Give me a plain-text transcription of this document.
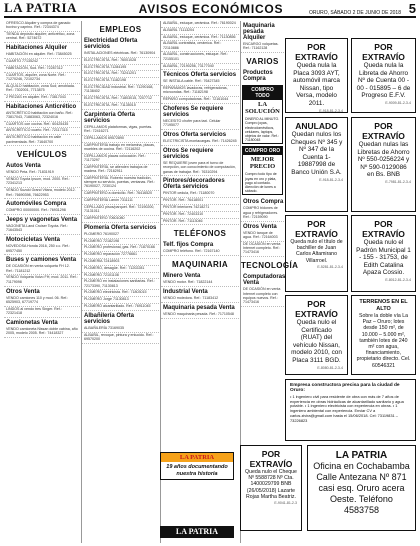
LA PATRIA	AVISOS ECONÓMICOS	ORURO, SÁBADO 2 DE JUNIO DE 2018 5
OFRESCO Alquiler y compra de ganado bovino y caprino. Ref.: 72344374
TIENDA depósito alquiler; anticrético, zona central. Ref.: 5274672
Habitaciones Alquiler
HABITACIÓN en alquiler. Ref.: 73845025
CUARTO 77135242
HABITACIÓN, Sud. Ref.: 72287312
CUARTOS, alquiler, zona Norte. Ref.: 71270246, 72102734
ALQUILO habitación, zona Sud; amoblada. Ref.: 7302001, 7713875
2 PIEZAS en alquiler. Ref.: 73817043
Habitaciones Anticrético
ANTICRÉTICO habitación con baño. Ref.: 73817043, 71883063, 72324016
CUARTOS con cocina. Ref.: 60425435
ANTICRÉTICO cuarto. Ref.: 72117315
ANTICRÉTICO habitación en calle pavimentada. Ref.: 71640700
VEHÍCULOS
Autos Venta
VENDO Peta. Ref.: 71831919
VENDO Toyota Ipsum, mod. 2000. Ref.: 72341213
VENDO Suzuki Grand Vitara, modelo 2012. Ref.: 76690398, 76622953
Automóviles Compra
COMPRO 00000000. Ref.: 76931298
Jeeps y vagonetas Venta
VAGONETA Land Cruiser Toyota. Ref.: 71643543
Motocicletas Venta
NOVEDOSA Honda 2016, 250 c.c. Ref.: 69577450
Buses y camiones Venta
DE OCASIÓN en venta volqueta FH 12. Ref.: 71181212
VENDO Volqueta Volvo FH; mod. 2011. Ref.: 71179098
Otros Venta
VENDO camiones 110 y mod. 06. Ref.: 6525903, 67719774
LINDOS al vendo tres Singer. Ref.: 72321418
Camionetas Venta
VENDO camioneta Nissan doble cabina, año 2005, modelo 2005. Ref.: 74418327
EMPLEOS
Electricidad Oferta servicios
INSTALACIONES eléctricas. Ref.: 76130904
ELECTRICISTA. Ref.: 76001028
ELECTRICISTA 71284195
ELECTRICISTA. Ref.: 73241201
ELECTRICISTA 71182198
ELECTRICIDAD industrial. Ref.: 71290168, 71138402
ELECTRICISTA. Ref.: 71803015, 7207712
ELECTRICISTA. Ref.: 71135015
Carpintería Oferta servicios
CEPILLAMOS plataformas, vigas, puertas. Ref.: 72416271
CEPILLAMOS 69572890
CARPINTERÍA trabajo en melamina, placas, muebles de cocina. Ref.: 72116202
CEPILLAMOS placas colocación. Ref.: 71173297
CARPINTERÍA, se atienden trabajos de madera. Ref.: 72162911
CARPINTERÍA. Roberto nuestra tradición, siempre su servicio, puertas, ventanas. Ref.: 76190027, 7230124
CARPINTERO a domicilio. Ref.: 76416520
CARPINTERÍA Lanón 7311111
CEPILLADO pisos/parquet. Ref.: 72190200, 71131011
CARPINTERO 70601080
Plomería Oferta servicios
PLOMERO 76190027
PLOMERO 72182198
PLOMERO profesional, gas. Ref.: 71870166
PLOMERO reparación 72776661
PLOMERÍA 72418903
PLOMERO, desagüe. Ref.: 71202281
PLOMERO 72101108
PLOMERO en instalaciones sanitarias. Ref.: 72173390, 71130813
PLOMERO electricista. Ref.: 71803015
PLOMERO Jorge 71130813
PLOMERO alcantarillado. Ref.: 76911045
Albañilería Oferta servicios
ALBAÑILERÍA 73169035
ALBAÑIL, revoque, pintura y enlucido. Ref.: 69570200
ALBAÑIL, estuque, cerámica. Ref.: 76190024
ALBAÑIL 71113204
ALBAÑIL, estuque, cerámica. Ref.: 71130856
ALBAÑIL contratista, cerámica. Ref.: 72110886
ALBAÑIL, construcciones, estuque. Ref.: 72155101
ALBAÑIL, 72190256, 73177040
Técnicos Oferta servicios
SE INSTALA cable. Ref.: 76427345
REPARAMOS lavadoras, refrigeradoras, microondas. Ref.: 71182198
REPARO computadoras. Ref.: 72161044
Choferes Se requiere servicios
NECESITO chofer para taxi. Celular 77195077
Otros Oferta servicios
ELECTRICISTA montacargas. Ref.: 71426245
Otros Se requiere servicios
SE REQUIERE joven para el turno de recepción, con conocimiento de computación, ganas de trabajar. Ref.: 76310294
Pintores/decoradores Oferta servicios
PINTOR cedula, Ref.: 71180070
PINTOR. Ref.: 76418001
PINTOR interiores 74218271
PINTOR. Ref.: 72403310
PINTOR. Ref.: 71113046
TELÉFONOS
Telf. fijos Compra
COMPRO teléfono. Ref.: 72167140
MAQUINARIA
Minero Venta
VENDO motor. Ref.: 71822144
Industrial Venta
VENDO moledora. Ref.: 71183412
Maquinaria pesada Venta
VENDO maquinaria pesada. Ref.: 71710548
Maquinaria pesada Alquiler
ENCARGO volquetas. Ref.: 71162128
VARIOS
Productos Compra
COMPRO TODO
LA SOLUCIÓN
DINERO AL MINUTO. Compro joyas, electrodomésticos, celulares, laptops, objetos de valor. Ref.: 71180048
COMPRO ORO
MEJOR PRECIO
Compro todo tipo de joyas en oro y plata, pago al contado. Atención de lunes a sábado.
Otros Compra
COMPRO bidones de agua y refrigeradores. Ref.: 72159090
Otros Venta
VENDO tanque de agua. Ref.: 72164003
DE OCASIÓN en venta Internet completo. Ref.: 71473416
TECNOLOGÍA
Computadoras Venta
DE OCASIÓN en venta Internet completo con equipos nuevos. Ref.: 71473416
POR EXTRAVÍO
Queda nula la Placa 3093 AYT, automóvil marca Nissan, tipo Versa, modelo 2011.
E-918-81-2-3-4
POR EXTRAVÍO
Queda nula la Libreta de Ahorro Nº de Cuenta 00 - 00 - 015895 – 6 de Progreso E.F.V.
E-9009-81-2-3-4
ANULADO
Quedan nulos los Cheques Nº 345 y Nº 347 de la Cuenta 1-19887998 de Banco Unión S.A.
E-918-81-2-3-4
POR EXTRAVÍO
Quedan nulas las Libretas de Ahorro Nº 550-0256224 y Nº 590-0129086 en Bs. BNB
E-7981-81-2-3-4
POR EXTRAVÍO
Queda nulo el título de bachiller de Juan Carlos Altamirano Villarroel.
E-5281-81-2-3-4
POR EXTRAVÍO
Queda nulo el Padrón Municipal 1 - 155 - 31753, de Edith Catalina Apaza Cossio.
E-8012-81-2-3-4
POR EXTRAVÍO
Queda nulo el Certificado (RUAT) del vehículo Nissan, modelo 2010, con Placa 3111 BGD.
E-8080-81-2-3-4
TERRENOS EN EL ALTO
Sobre la doble vía La Paz – Oruro; lotes desde 150 m², de 10.000 – 5.000 m², también lotes de 240 m² con agua, financiamiento, propietario directo. Cel. 60546321
Empresa constructora precisa para la ciudad de Oruro:
• 1 ingeniero civil para residente de obra con más de 7 años de experiencia en obras hidráulicas de alcantarillado sanitario y agua potable. • 1 ingeniero electricista con experiencia en obras. • 1 ingeniero ambiental con experiencia. Enviar CV a carlos.zivira@gmail.com hasta el 15/06/2018. Cel: 73119831 – 73226823
POR EXTRAVÍO
Queda nulo el Cheque Nº 5588728 Nº Cta. 1400029799 BNB (26/05/2018) Lazarte Rojas Martha Beatriz.
E-9041-81-2-3
LA PATRIA
Oficina en Cochabamba Calle Antezana Nº 871 casi esq. Oruro acera Oeste. Teléfono 4583758
LA PATRIA
19 años documentando nuestra historia
LA PATRIA
